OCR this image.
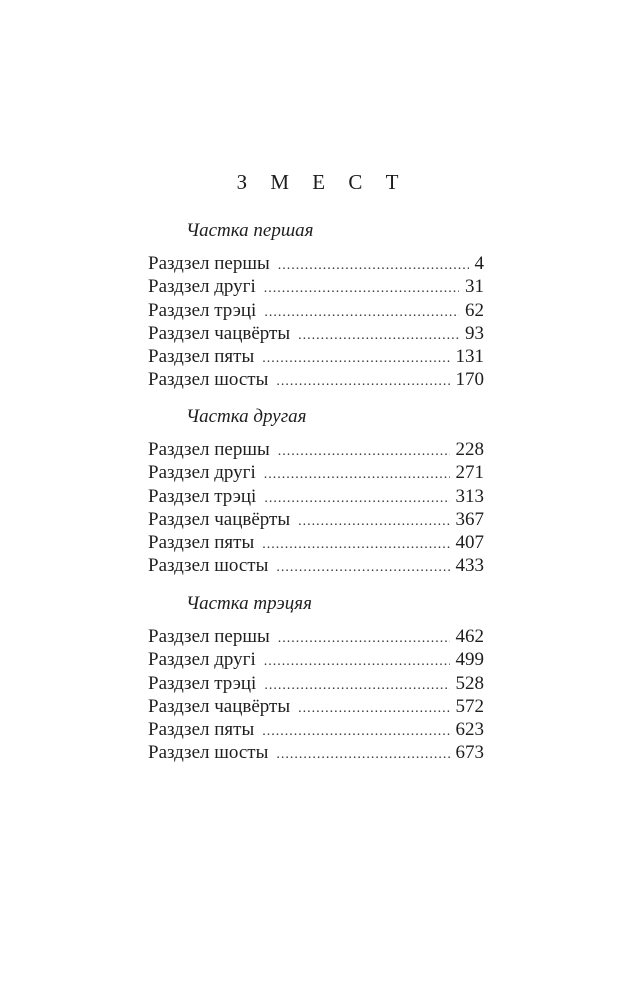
З М Е С Т
Частка першая
Раздзел першы .....	4
Раздзел другі .....	31
Раздзел трэці .....	62
Раздзел чацвёрты .....	93
Раздзел пяты .....	131
Раздзел шосты .....	170
Частка другая
Раздзел першы .....	228
Раздзел другі .....	271
Раздзел трэці .....	313
Раздзел чацвёрты .....	367
Раздзел пяты .....	407
Раздзел шосты .....	433
Частка трэцяя
Раздзел першы .....	462
Раздзел другі .....	499
Раздзел трэці .....	528
Раздзел чацвёрты .....	572
Раздзел пяты .....	623
Раздзел шосты .....	673
